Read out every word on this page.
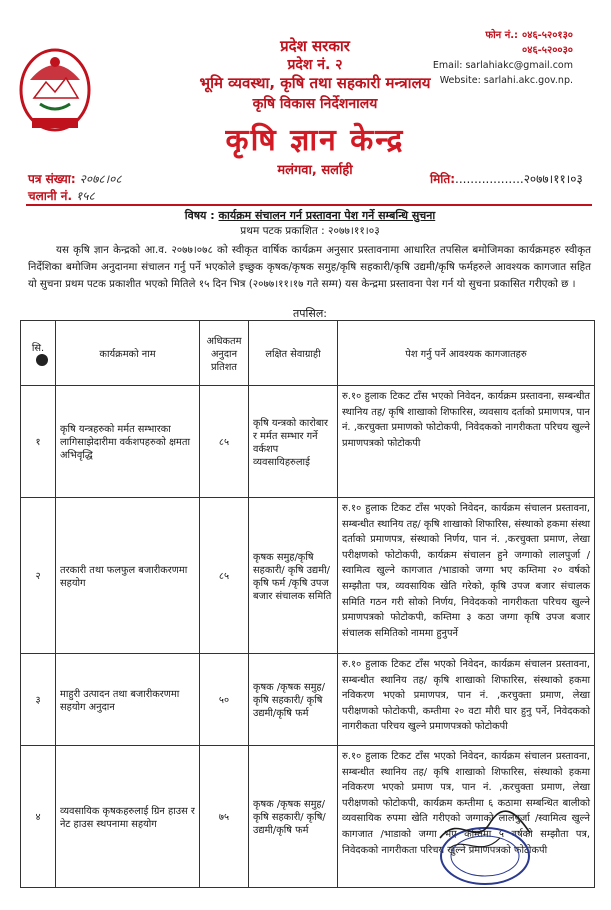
प्रदेश सरकार
प्रदेश नं. २
भूमि व्यवस्था, कृषि तथा सहकारी मन्त्रालय
कृषि विकास निर्देशनालय
कृषि ज्ञान केन्द्र
मलंगवा, सर्लाही
फोन नं.: ०४६-५२०१३०
०४६-५२००३०
Email: sarlahiakc@gmail.com
Website: sarlahi.akc.gov.np.
पत्र संख्या: २०७८।०८
चलानी नं. १५८
मिति:..................२०७७।११।०३
विषय : कार्यक्रम संचालन गर्न प्रस्तावना पेश गर्ने सम्बन्धि सुचना
प्रथम पटक प्रकाशित : २०७७।११।०३
यस कृषि ज्ञान केन्द्रको आ.व. २०७७।०७८ को स्वीकृत वार्षिक कार्यक्रम अनुसार प्रस्तावनामा आधारित तपसिल बमोजिमका कार्यक्रमहरु स्वीकृत निर्देशिका बमोजिम अनुदानमा संचालन गर्नु पर्ने भएकोले इच्छुक कृषक/कृषक समुह/कृषि सहकारी/कृषि उद्यमी/कृषि फर्महरुले आवश्यक कागजात सहित यो सुचना प्रथम पटक प्रकाशीत भएको मितिले १५ दिन भित्र (२०७७।११।१७ गते सम्म) यस केन्द्रमा प्रस्तावना पेश गर्न यो सुचना प्रकासित गरीएको छ ।
तपसिल:
सि.	कार्यक्रमको नाम	अधिकतम अनुदान प्रतिशत	लक्षित सेवाग्राही	पेश गर्नु पर्ने आवश्यक कागजातहरु
१	कृषि यन्त्रहरुको मर्मत सम्भारका लागिसाझेदारीमा वर्कशपहरुको क्षमता अभिवृद्धि	८५	कृषि यन्त्रको कारोबार र मर्मत सम्भार गर्ने वर्कशप व्यवसायिहरुलाई	रु.१० हुलाक टिकट टाँस भएको निवेदन, कार्यक्रम प्रस्तावना, सम्बन्धीत स्थानिय तह/ कृषि शाखाको शिफारिस, व्यवसाय दर्ताको प्रमाणपत्र, पान नं. ,करचुक्ता प्रमाणको फोटोकपी, निवेदकको नागरीकता परिचय खुल्ने प्रमाणपत्रको फोटोकपी
२	तरकारी तथा फलफुल बजारीकरणमा सहयोग	८५	कृषक समुह/कृषि सहकारी/ कृषि उद्यमी/कृषि फर्म /कृषि उपज बजार संचालक समिति	रु.१० हुलाक टिकट टाँस भएको निवेदन, कार्यक्रम संचालन प्रस्तावना, सम्बन्धीत स्थानिय तह/ कृषि शाखाको शिफारिस, संस्थाको हकमा संस्था दर्ताको प्रमाणपत्र, संस्थाको निर्णय, पान नं. ,करचुक्ता प्रमाण, लेखा परीक्षणको फोटोकपी, कार्यक्रम संचालन हुने जग्गाको लालपुर्जा /स्वामित्व खुल्ने कागजात /भाडाको जग्गा भए कम्तिमा २० वर्षको सम्झौता पत्र, व्यवसायिक खेति गरेको, कृषि उपज बजार संचालक समिति गठन गरी सोको निर्णय, निवेदकको नागरीकता परिचय खुल्ने प्रमाणपत्रको फोटोकपी, कम्तिमा ३ कठा जग्गा कृषि उपज बजार संचालक समितिको नाममा हुनुपर्ने
३	माहुरी उत्पादन तथा बजारीकरणमा सहयोग अनुदान	५०	कृषक /कृषक समुह/कृषि सहकारी/ कृषि उद्यमी/कृषि फर्म	रु.१० हुलाक टिकट टाँस भएको निवेदन, कार्यक्रम संचालन प्रस्तावना, सम्बन्धीत स्थानिय तह/ कृषि शाखाको शिफारिस, संस्थाको हकमा नविकरण भएको प्रमाणपत्र, पान नं. ,करचुक्ता प्रमाण, लेखा परीक्षणको फोटोकपी, कम्तीमा २० वटा मौरी घार हुनु पर्ने, निवेदकको नागरीकता परिचय खुल्ने प्रमाणपत्रको फोटोकपी
४	व्यवसायिक कृषकहरुलाई ग्रिन हाउस र नेट हाउस स्थपनामा सहयोग	७५	कृषक /कृषक समुह/कृषि सहकारी/ कृषि/ उद्यमी/कृषि फर्म	रु.१० हुलाक टिकट टाँस भएको निवेदन, कार्यक्रम संचालन प्रस्तावना, सम्बन्धीत स्थानिय तह/ कृषि शाखाको शिफारिस, संस्थाको हकमा नविकरण भएको प्रमाण पत्र, पान नं. ,करचुक्ता प्रमाण, लेखा परीक्षणको फोटोकपी, कार्यक्रम कम्तीमा ६ कठामा सम्बन्धित बालीको व्यवसायिक रुपमा खेति गरीएको जग्गाको लालपुर्जा /स्वामित्व खुल्ने कागजात /भाडाको जग्गा भए कम्तिमा ५ वर्षको सम्झौता पत्र, निवेदकको नागरीकता परिचय खुल्ने प्रमाणपत्रको फोटोकपी
